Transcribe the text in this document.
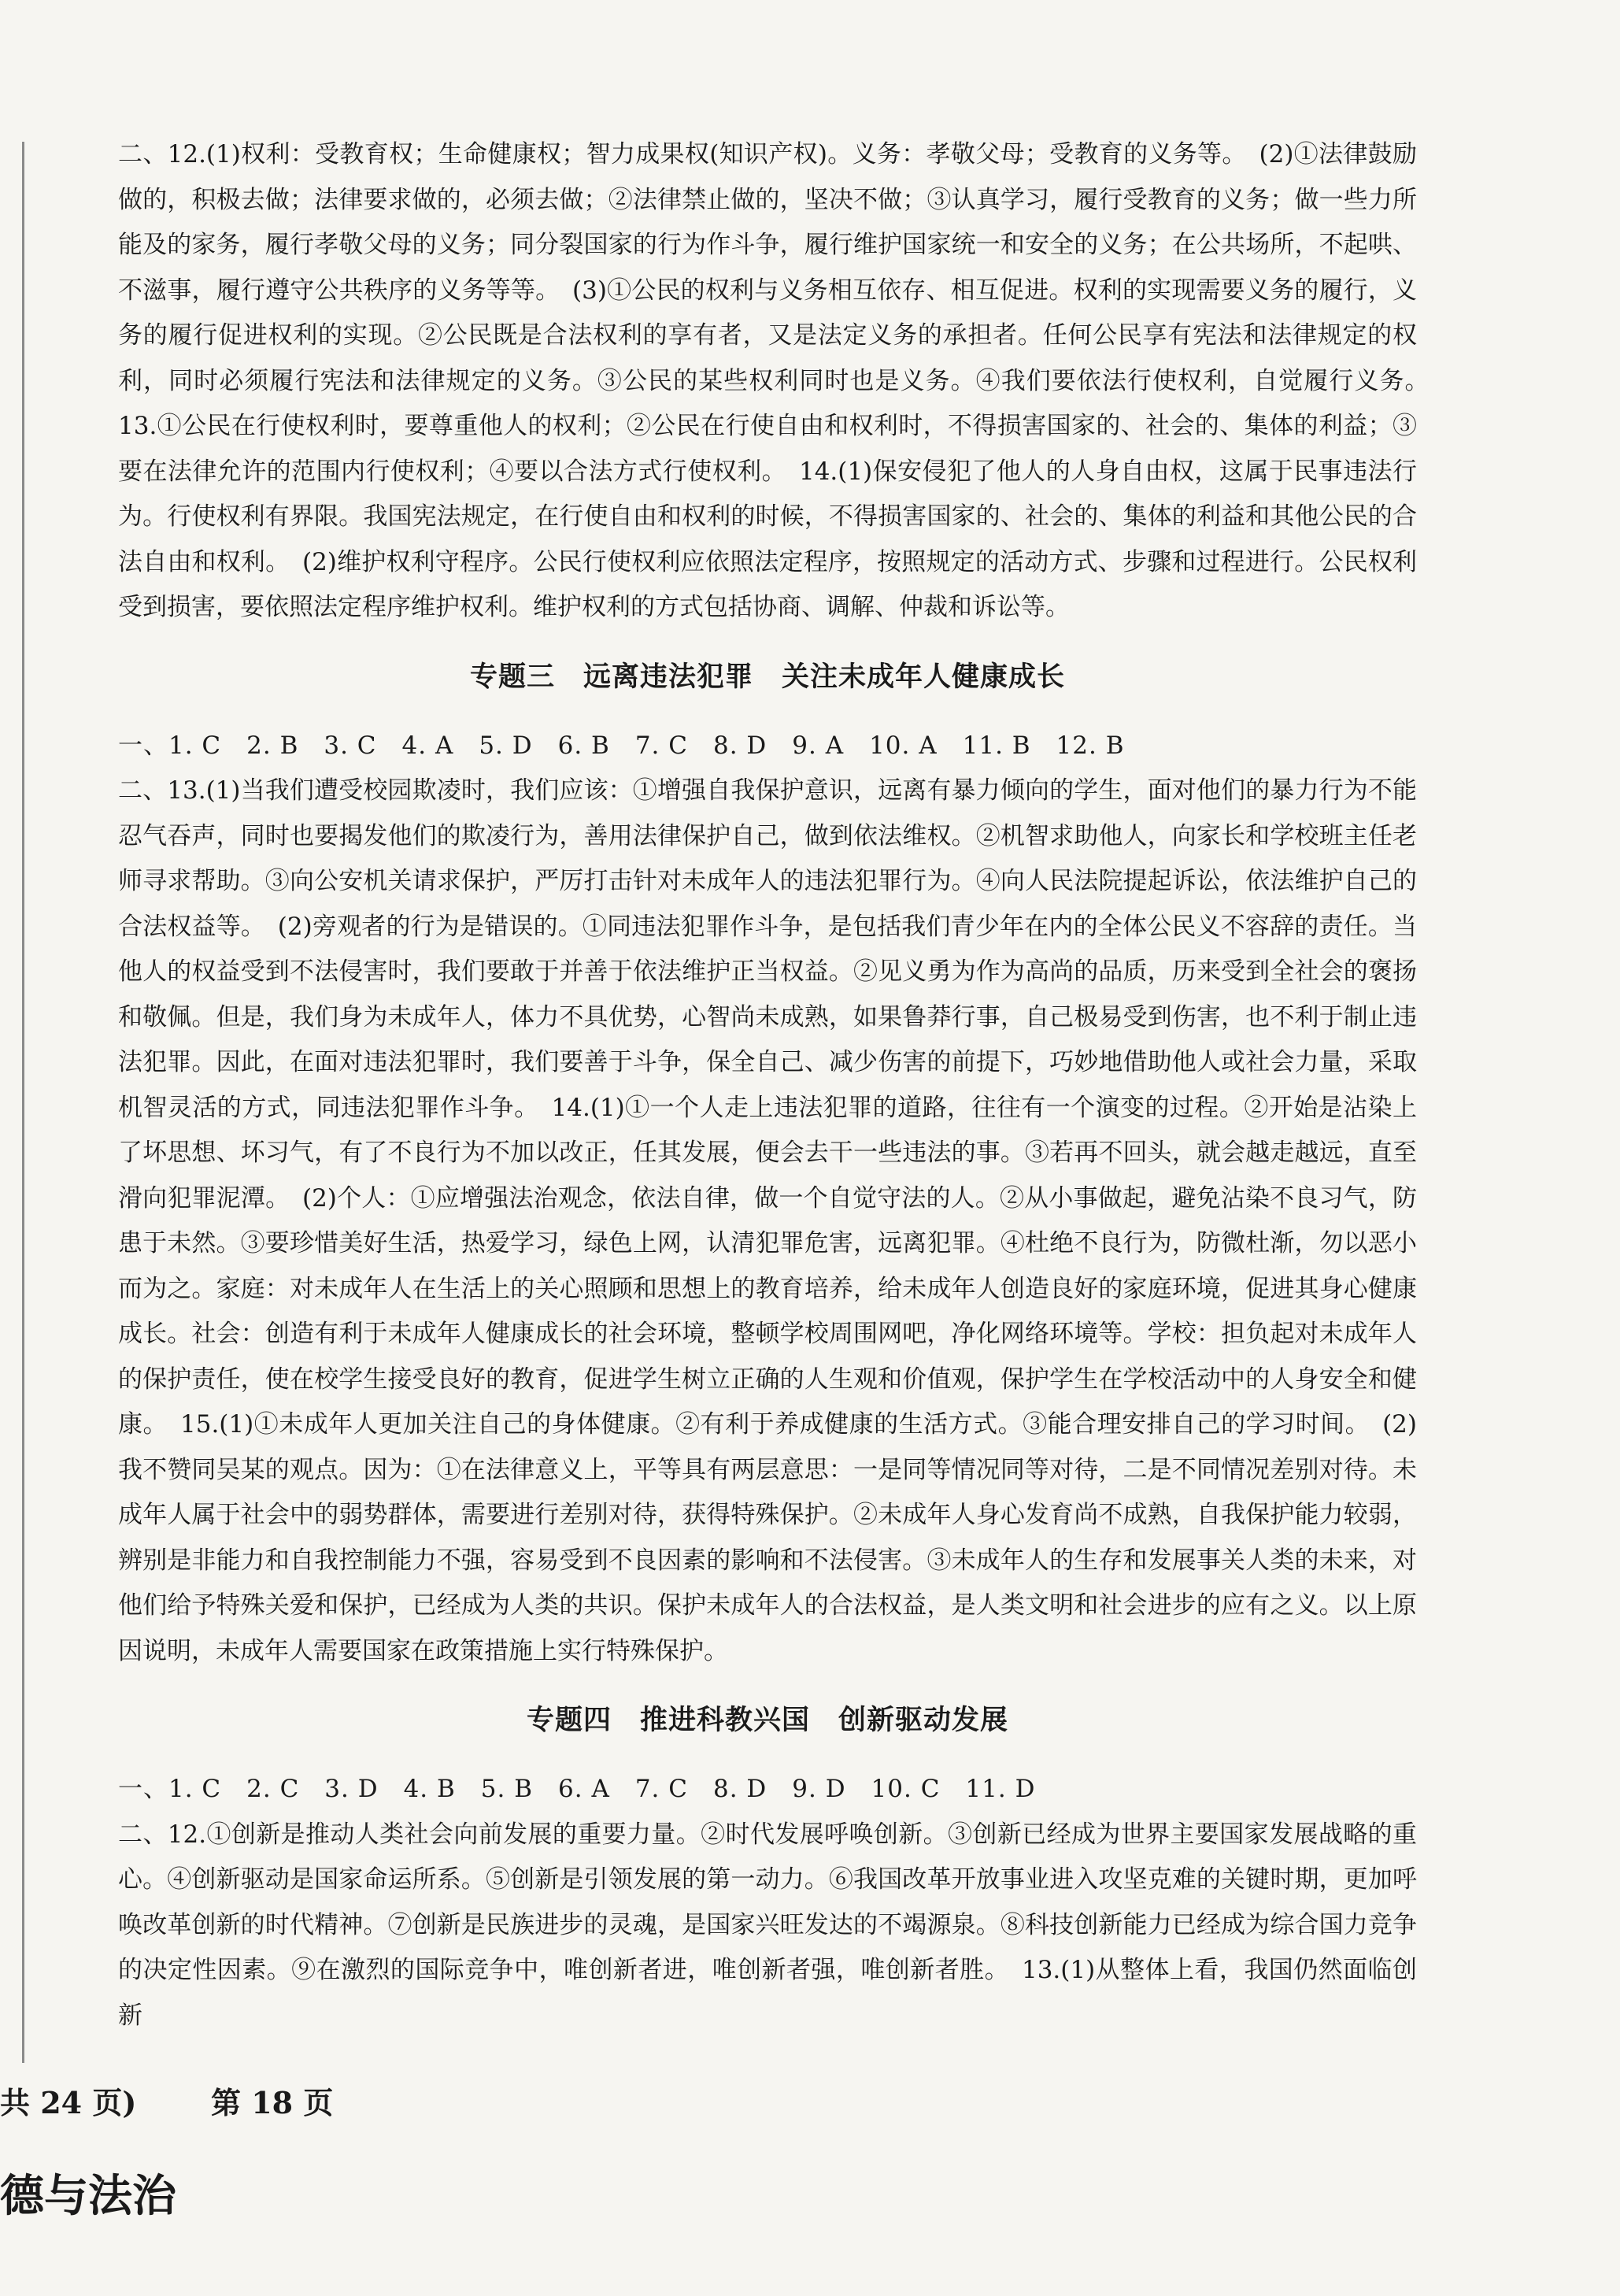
二、12.(1)权利：受教育权；生命健康权；智力成果权(知识产权)。义务：孝敬父母；受教育的义务等。　(2)①法律鼓励做的，积极去做；法律要求做的，必须去做；②法律禁止做的，坚决不做；③认真学习，履行受教育的义务；做一些力所能及的家务，履行孝敬父母的义务；同分裂国家的行为作斗争，履行维护国家统一和安全的义务；在公共场所，不起哄、不滋事，履行遵守公共秩序的义务等等。　(3)①公民的权利与义务相互依存、相互促进。权利的实现需要义务的履行，义务的履行促进权利的实现。②公民既是合法权利的享有者，又是法定义务的承担者。任何公民享有宪法和法律规定的权利，同时必须履行宪法和法律规定的义务。③公民的某些权利同时也是义务。④我们要依法行使权利，自觉履行义务。　13.①公民在行使权利时，要尊重他人的权利；②公民在行使自由和权利时，不得损害国家的、社会的、集体的利益；③要在法律允许的范围内行使权利；④要以合法方式行使权利。　14.(1)保安侵犯了他人的人身自由权，这属于民事违法行为。行使权利有界限。我国宪法规定，在行使自由和权利的时候，不得损害国家的、社会的、集体的利益和其他公民的合法自由和权利。　(2)维护权利守程序。公民行使权利应依照法定程序，按照规定的活动方式、步骤和过程进行。公民权利受到损害，要依照法定程序维护权利。维护权利的方式包括协商、调解、仲裁和诉讼等。

专题三　远离违法犯罪　关注未成年人健康成长

一、1. C　2. B　3. C　4. A　5. D　6. B　7. C　8. D　9. A　10. A　11. B　12. B

二、13.(1)当我们遭受校园欺凌时，我们应该：①增强自我保护意识，远离有暴力倾向的学生，面对他们的暴力行为不能忍气吞声，同时也要揭发他们的欺凌行为，善用法律保护自己，做到依法维权。②机智求助他人，向家长和学校班主任老师寻求帮助。③向公安机关请求保护，严厉打击针对未成年人的违法犯罪行为。④向人民法院提起诉讼，依法维护自己的合法权益等。　(2)旁观者的行为是错误的。①同违法犯罪作斗争，是包括我们青少年在内的全体公民义不容辞的责任。当他人的权益受到不法侵害时，我们要敢于并善于依法维护正当权益。②见义勇为作为高尚的品质，历来受到全社会的褒扬和敬佩。但是，我们身为未成年人，体力不具优势，心智尚未成熟，如果鲁莽行事，自己极易受到伤害，也不利于制止违法犯罪。因此，在面对违法犯罪时，我们要善于斗争，保全自己、减少伤害的前提下，巧妙地借助他人或社会力量，采取机智灵活的方式，同违法犯罪作斗争。　14.(1)①一个人走上违法犯罪的道路，往往有一个演变的过程。②开始是沾染上了坏思想、坏习气，有了不良行为不加以改正，任其发展，便会去干一些违法的事。③若再不回头，就会越走越远，直至滑向犯罪泥潭。　(2)个人：①应增强法治观念，依法自律，做一个自觉守法的人。②从小事做起，避免沾染不良习气，防患于未然。③要珍惜美好生活，热爱学习，绿色上网，认清犯罪危害，远离犯罪。④杜绝不良行为，防微杜渐，勿以恶小而为之。家庭：对未成年人在生活上的关心照顾和思想上的教育培养，给未成年人创造良好的家庭环境，促进其身心健康成长。社会：创造有利于未成年人健康成长的社会环境，整顿学校周围网吧，净化网络环境等。学校：担负起对未成年人的保护责任，使在校学生接受良好的教育，促进学生树立正确的人生观和价值观，保护学生在学校活动中的人身安全和健康。　15.(1)①未成年人更加关注自己的身体健康。②有利于养成健康的生活方式。③能合理安排自己的学习时间。　(2)我不赞同吴某的观点。因为：①在法律意义上，平等具有两层意思：一是同等情况同等对待，二是不同情况差别对待。未成年人属于社会中的弱势群体，需要进行差别对待，获得特殊保护。②未成年人身心发育尚不成熟，自我保护能力较弱，辨别是非能力和自我控制能力不强，容易受到不良因素的影响和不法侵害。③未成年人的生存和发展事关人类的未来，对他们给予特殊关爱和保护，已经成为人类的共识。保护未成年人的合法权益，是人类文明和社会进步的应有之义。以上原因说明，未成年人需要国家在政策措施上实行特殊保护。

专题四　推进科教兴国　创新驱动发展

一、1. C　2. C　3. D　4. B　5. B　6. A　7. C　8. D　9. D　10. C　11. D

二、12.①创新是推动人类社会向前发展的重要力量。②时代发展呼唤创新。③创新已经成为世界主要国家发展战略的重心。④创新驱动是国家命运所系。⑤创新是引领发展的第一动力。⑥我国改革开放事业进入攻坚克难的关键时期，更加呼唤改革创新的时代精神。⑦创新是民族进步的灵魂，是国家兴旺发达的不竭源泉。⑧科技创新能力已经成为综合国力竞争的决定性因素。⑨在激烈的国际竞争中，唯创新者进，唯创新者强，唯创新者胜。　13.(1)从整体上看，我国仍然面临创新

共 24 页) 第 18 页
德与法治
